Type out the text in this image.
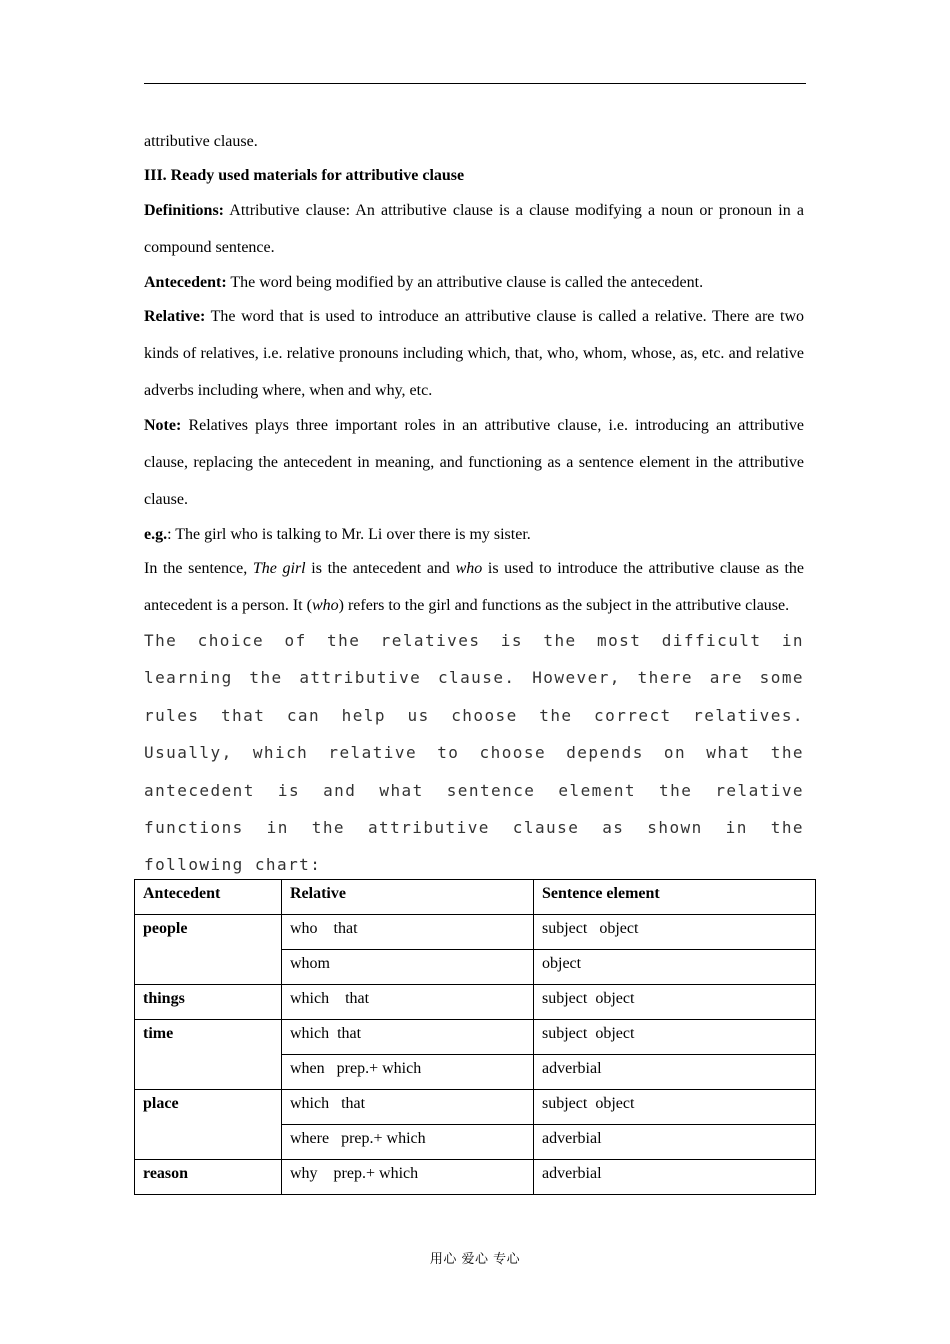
attributive clause.

III. Ready used materials for attributive clause

Definitions: Attributive clause: An attributive clause is a clause modifying a noun or pronoun in a compound sentence.

Antecedent: The word being modified by an attributive clause is called the antecedent.

Relative: The word that is used to introduce an attributive clause is called a relative. There are two kinds of relatives, i.e. relative pronouns including which, that, who, whom, whose, as, etc. and relative adverbs including where, when and why, etc.

Note: Relatives plays three important roles in an attributive clause, i.e. introducing an attributive clause, replacing the antecedent in meaning, and functioning as a sentence element in the attributive clause.

e.g.: The girl who is talking to Mr. Li over there is my sister.

In the sentence, The girl is the antecedent and who is used to introduce the attributive clause as the antecedent is a person. It (who) refers to the girl and functions as the subject in the attributive clause.

The choice of the relatives is the most difficult in learning the attributive clause. However, there are some rules that can help us choose the correct relatives. Usually, which relative to choose depends on what the antecedent is and what sentence element the relative functions in the attributive clause as shown in the following chart:

Antecedent	Relative	Sentence element
people	who    that	subject   object
	whom	object
things	which    that	subject  object
time	which  that	subject  object
	when   prep.+ which	adverbial
place	which   that	subject  object
	where   prep.+ which	adverbial
reason	why    prep.+ which	adverbial
用心 爱心 专心
